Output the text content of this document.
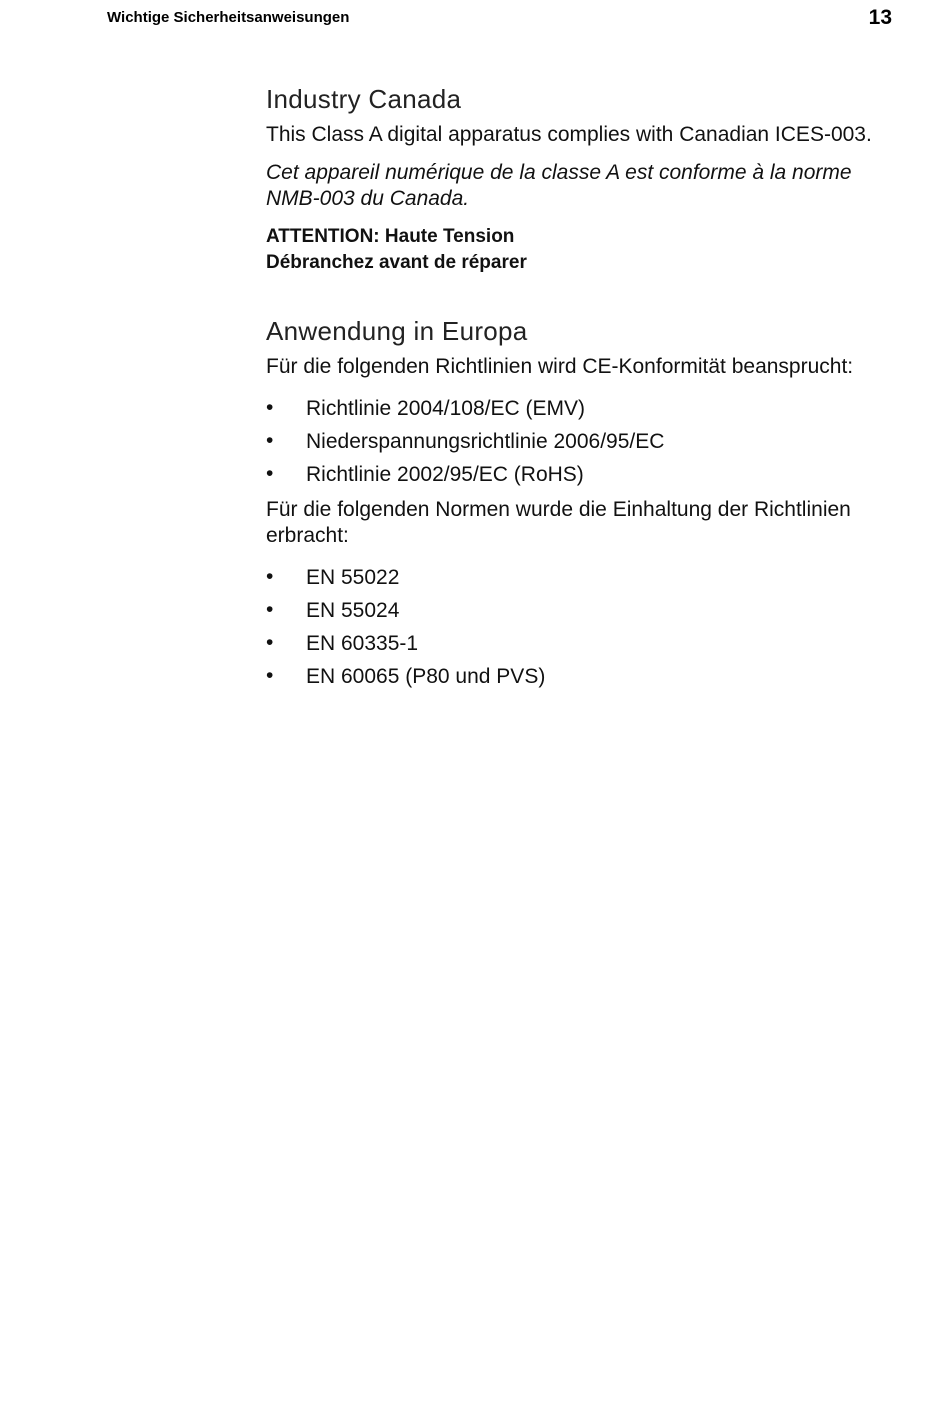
Wichtige Sicherheitsanweisungen	13
Industry Canada

This Class A digital apparatus complies with Canadian ICES-003.

Cet appareil numérique de la classe A est conforme à la norme NMB-003 du Canada.

ATTENTION: Haute Tension
Débranchez avant de réparer
Anwendung in Europa

Für die folgenden Richtlinien wird CE-Konformität beansprucht:

• Richtlinie 2004/108/EC (EMV)
• Niederspannungsrichtlinie 2006/95/EC
• Richtlinie 2002/95/EC (RoHS)

Für die folgenden Normen wurde die Einhaltung der Richtlinien erbracht:

• EN 55022
• EN 55024
• EN 60335-1
• EN 60065 (P80 und PVS)
